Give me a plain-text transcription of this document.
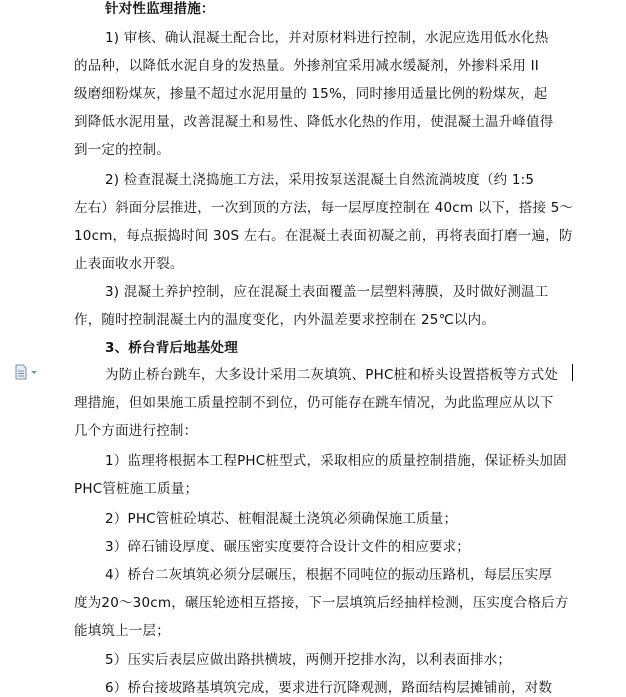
针对性监理措施：
1) 审核、确认混凝土配合比，并对原材料进行控制，水泥应选用低水化热
的品种，以降低水泥自身的发热量。外掺剂宜采用减水缓凝剂，外掺料采用 II
级磨细粉煤灰，掺量不超过水泥用量的 15%，同时掺用适量比例的粉煤灰，起
到降低水泥用量，改善混凝土和易性、降低水化热的作用，使混凝土温升峰值得
到一定的控制。
2) 检查混凝土浇捣施工方法，采用按泵送混凝土自然流淌坡度（约 1:5
左右）斜面分层推进，一次到顶的方法，每一层厚度控制在 40cm 以下，搭接 5～
10cm，每点振捣时间 30S 左右。在混凝土表面初凝之前，再将表面打磨一遍，防
止表面收水开裂。
3) 混凝土养护控制，应在混凝土表面覆盖一层塑料薄膜，及时做好测温工
作，随时控制混凝土内的温度变化，内外温差要求控制在 25℃以内。
3、桥台背后地基处理
为防止桥台跳车，大多设计采用二灰填筑、PHC桩和桥头设置搭板等方式处
理措施，但如果施工质量控制不到位，仍可能存在跳车情况，为此监理应从以下
几个方面进行控制：
1）监理将根据本工程PHC桩型式，采取相应的质量控制措施，保证桥头加固
PHC管桩施工质量；
2）PHC管桩砼填芯、桩帽混凝土浇筑必须确保施工质量；
3）碎石铺设厚度、碾压密实度要符合设计文件的相应要求；
4）桥台二灰填筑必须分层碾压，根据不同吨位的振动压路机，每层压实厚
度为20～30cm，碾压轮迹相互搭接，下一层填筑后经抽样检测，压实度合格后方
能填筑上一层；
5）压实后表层应做出路拱横坡，两侧开挖排水沟，以利表面排水；
6）桥台接坡路基填筑完成，要求进行沉降观测，路面结构层摊铺前，对数
